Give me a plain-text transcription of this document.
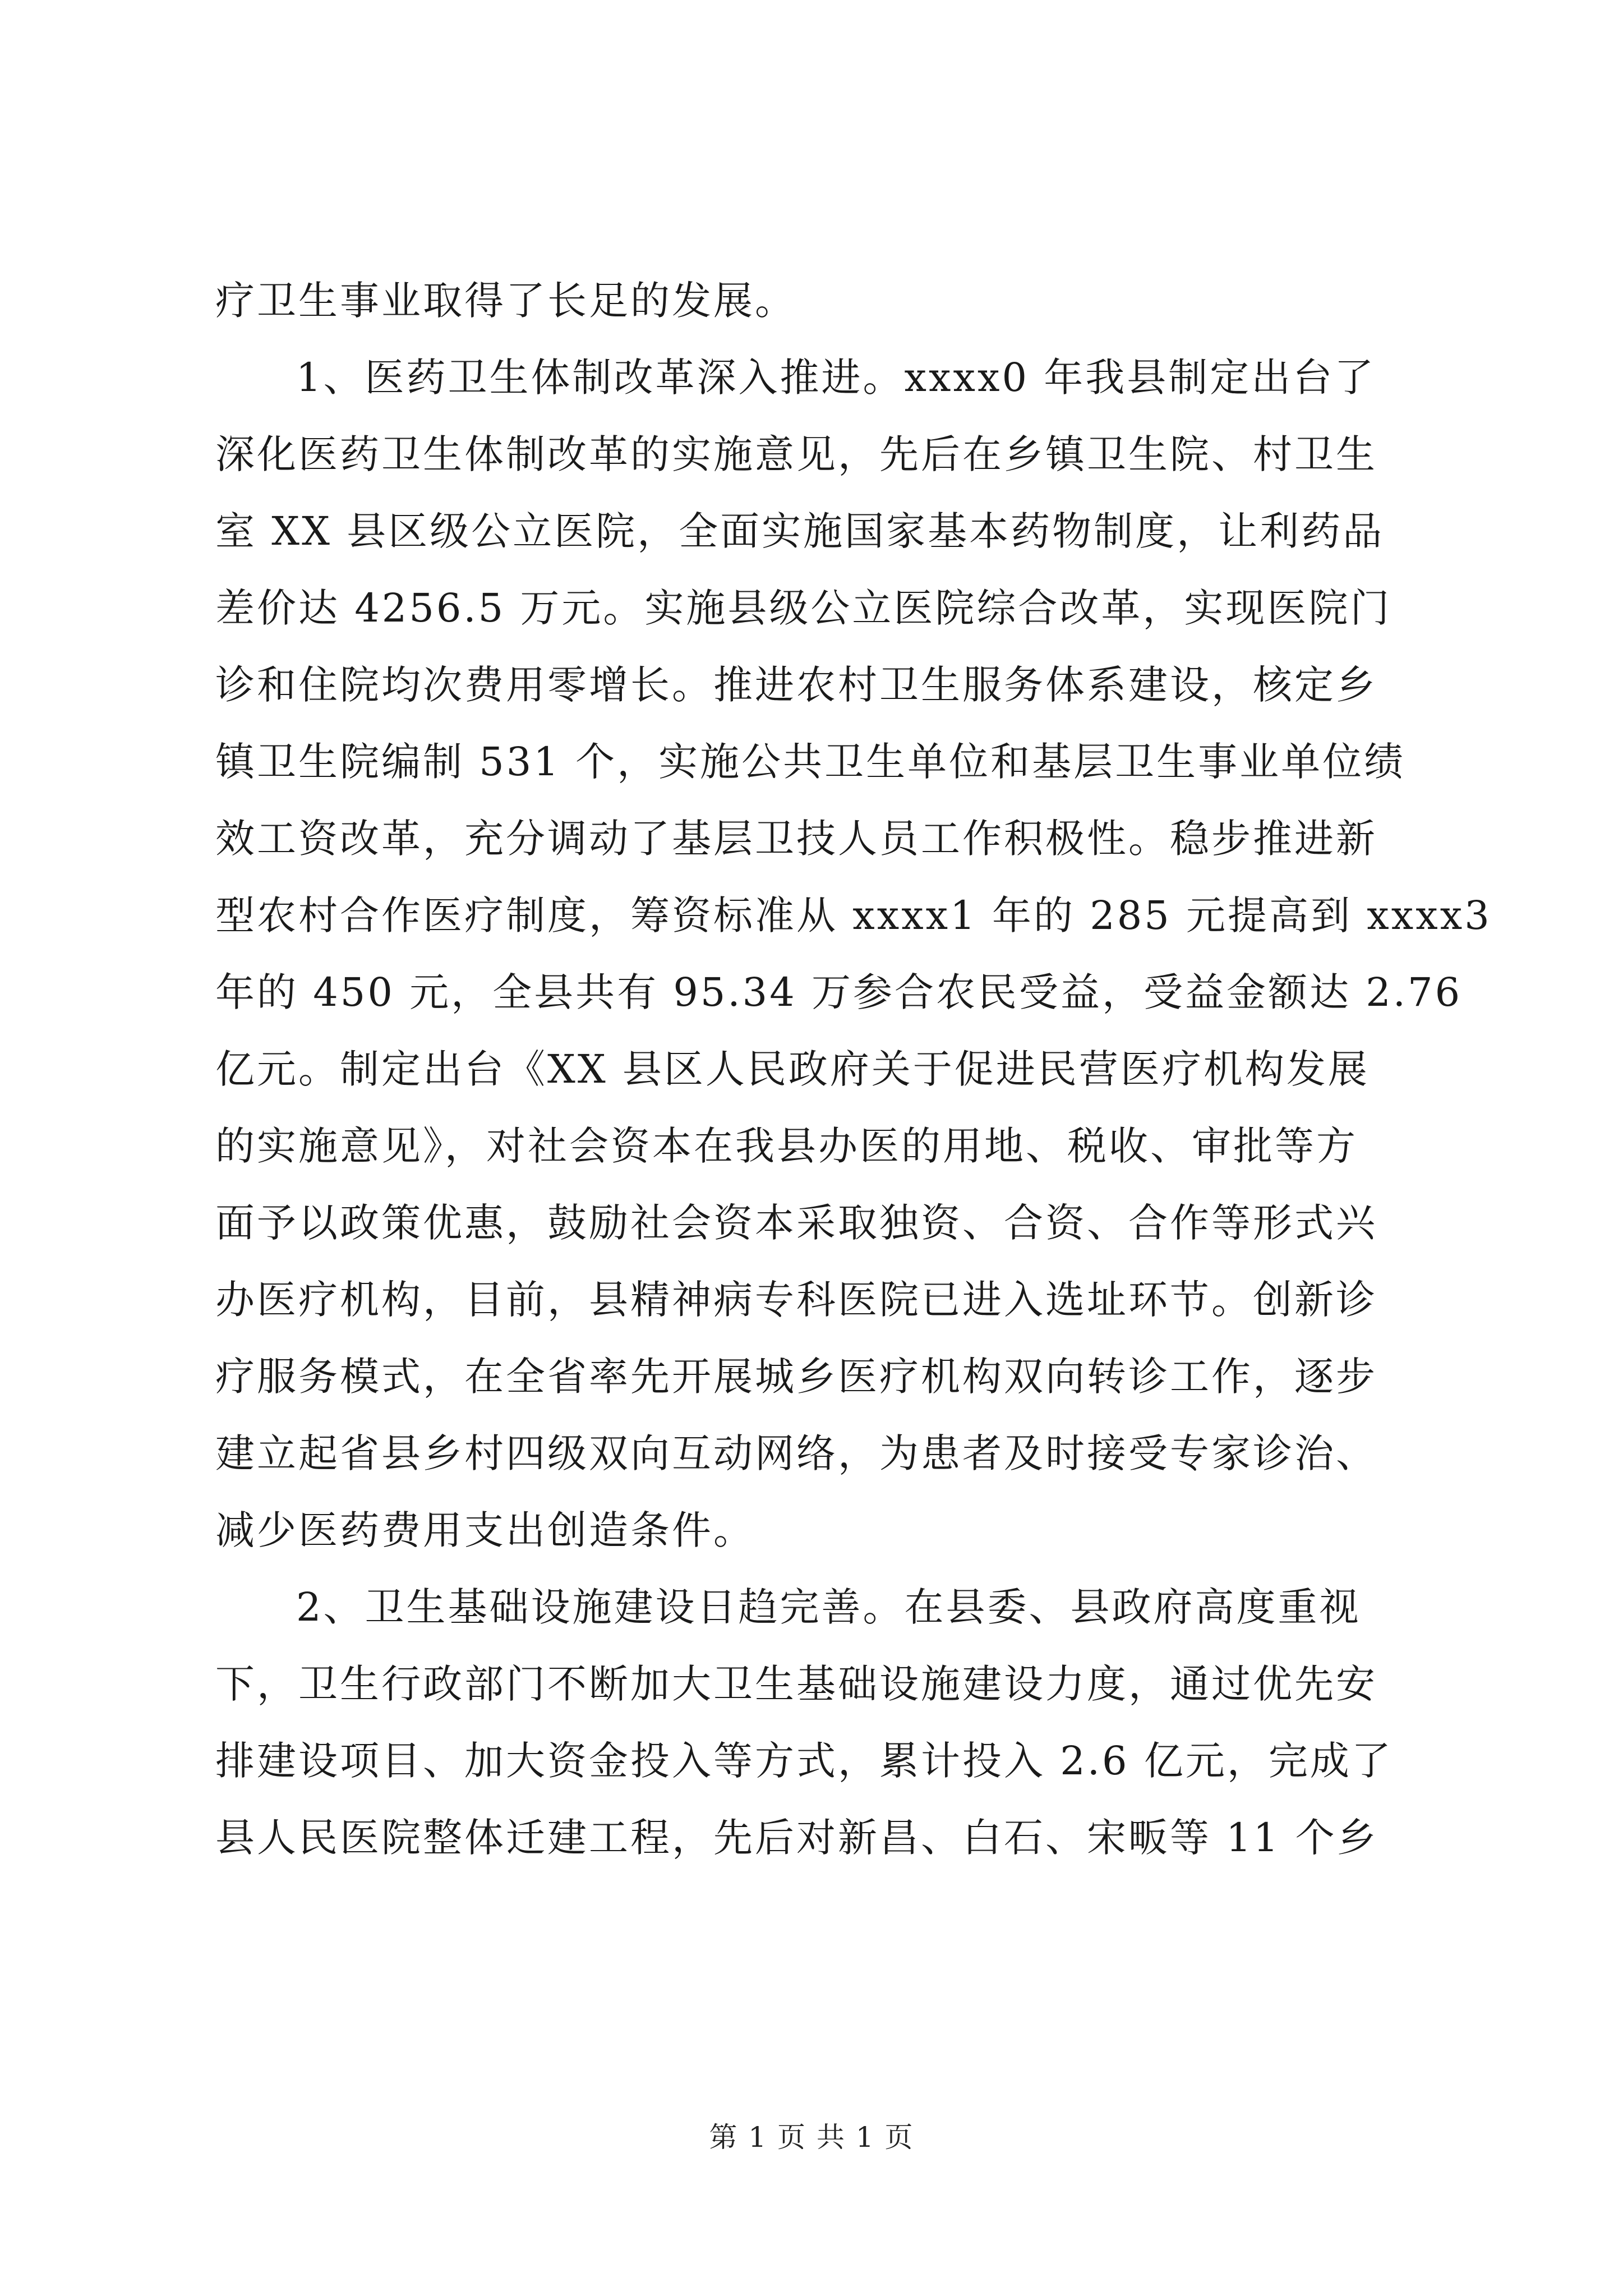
疗卫生事业取得了长足的发展。
1、医药卫生体制改革深入推进。xxxx0 年我县制定出台了
深化医药卫生体制改革的实施意见，先后在乡镇卫生院、村卫生
室 XX 县区级公立医院，全面实施国家基本药物制度，让利药品
差价达 4256.5 万元。实施县级公立医院综合改革，实现医院门
诊和住院均次费用零增长。推进农村卫生服务体系建设，核定乡
镇卫生院编制 531 个，实施公共卫生单位和基层卫生事业单位绩
效工资改革，充分调动了基层卫技人员工作积极性。稳步推进新
型农村合作医疗制度，筹资标准从 xxxx1 年的 285 元提高到 xxxx3
年的 450 元，全县共有 95.34 万参合农民受益，受益金额达 2.76
亿元。制定出台《XX 县区人民政府关于促进民营医疗机构发展
的实施意见》，对社会资本在我县办医的用地、税收、审批等方
面予以政策优惠，鼓励社会资本采取独资、合资、合作等形式兴
办医疗机构，目前，县精神病专科医院已进入选址环节。创新诊
疗服务模式，在全省率先开展城乡医疗机构双向转诊工作，逐步
建立起省县乡村四级双向互动网络，为患者及时接受专家诊治、
减少医药费用支出创造条件。
2、卫生基础设施建设日趋完善。在县委、县政府高度重视
下，卫生行政部门不断加大卫生基础设施建设力度，通过优先安
排建设项目、加大资金投入等方式，累计投入 2.6 亿元，完成了
县人民医院整体迁建工程，先后对新昌、白石、宋畈等 11 个乡
第 1 页 共 1 页
